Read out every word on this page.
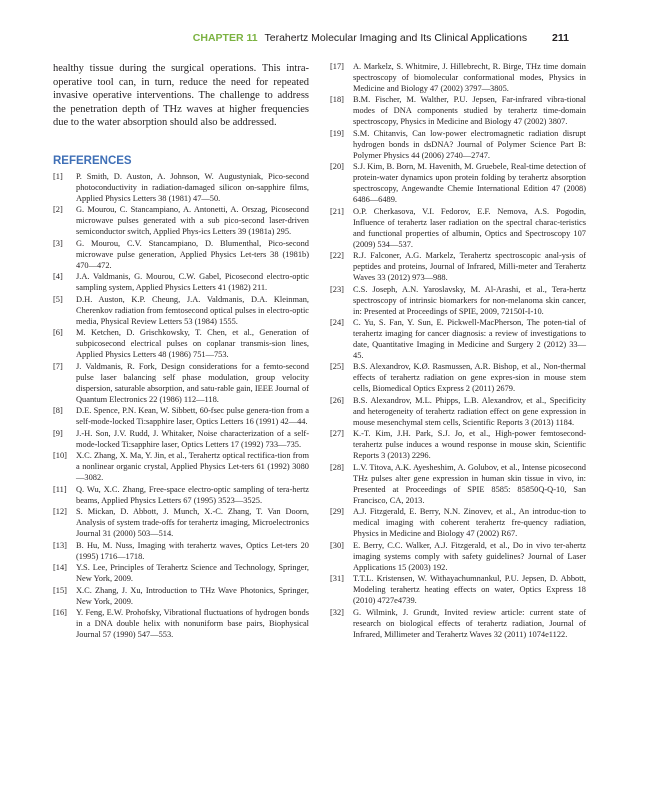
CHAPTER 11 Terahertz Molecular Imaging and Its Clinical Applications 211

healthy tissue during the surgical operations. This intra-operative tool can, in turn, reduce the need for repeated invasive operative interventions. The challenge to address the penetration depth of THz waves at higher frequencies due to the water absorption should also be addressed.

REFERENCES
[1] P. Smith, D. Auston, A. Johnson, W. Augustyniak, Pico-second photoconductivity in radiation-damaged silicon on-sapphire films, Applied Physics Letters 38 (1981) 47—50.
[2] G. Mourou, C. Stancampiano, A. Antonetti, A. Orszag, Picosecond microwave pulses generated with a sub pico-second laser-driven semiconductor switch, Applied Phys-ics Letters 39 (1981a) 295.
[3] G. Mourou, C.V. Stancampiano, D. Blumenthal, Pico-second microwave pulse generation, Applied Physics Let-ters 38 (1981b) 470—472.
[4] J.A. Valdmanis, G. Mourou, C.W. Gabel, Picosecond electro-optic sampling system, Applied Physics Letters 41 (1982) 211.
[5] D.H. Auston, K.P. Cheung, J.A. Valdmanis, D.A. Kleinman, Cherenkov radiation from femtosecond optical pulses in electro-optic media, Physical Review Letters 53 (1984) 1555.
[6] M. Ketchen, D. Grischkowsky, T. Chen, et al., Generation of subpicosecond electrical pulses on coplanar transmis-sion lines, Applied Physics Letters 48 (1986) 751—753.
[7] J. Valdmanis, R. Fork, Design considerations for a femto-second pulse laser balancing self phase modulation, group velocity dispersion, saturable absorption, and satu-rable gain, IEEE Journal of Quantum Electronics 22 (1986) 112—118.
[8] D.E. Spence, P.N. Kean, W. Sibbett, 60-fsec pulse genera-tion from a self-mode-locked Ti:sapphire laser, Optics Letters 16 (1991) 42—44.
[9] J.-H. Son, J.V. Rudd, J. Whitaker, Noise characterization of a self-mode-locked Ti:sapphire laser, Optics Letters 17 (1992) 733—735.
[10] X.C. Zhang, X. Ma, Y. Jin, et al., Terahertz optical rectifica-tion from a nonlinear organic crystal, Applied Physics Let-ters 61 (1992) 3080—3082.
[11] Q. Wu, X.C. Zhang, Free-space electro-optic sampling of tera-hertz beams, Applied Physics Letters 67 (1995) 3523—3525.
[12] S. Mickan, D. Abbott, J. Munch, X.-C. Zhang, T. Van Doorn, Analysis of system trade-offs for terahertz imaging, Microelectronics Journal 31 (2000) 503—514.
[13] B. Hu, M. Nuss, Imaging with terahertz waves, Optics Let-ters 20 (1995) 1716—1718.
[14] Y.S. Lee, Principles of Terahertz Science and Technology, Springer, New York, 2009.
[15] X.C. Zhang, J. Xu, Introduction to THz Wave Photonics, Springer, New York, 2009.
[16] Y. Feng, E.W. Prohofsky, Vibrational fluctuations of hydrogen bonds in a DNA double helix with nonuniform base pairs, Biophysical Journal 57 (1990) 547—553.
[17] A. Markelz, S. Whitmire, J. Hillebrecht, R. Birge, THz time domain spectroscopy of biomolecular conformational modes, Physics in Medicine and Biology 47 (2002) 3797—3805.
[18] B.M. Fischer, M. Walther, P.U. Jepsen, Far-infrared vibra-tional modes of DNA components studied by terahertz time-domain spectroscopy, Physics in Medicine and Biology 47 (2002) 3807.
[19] S.M. Chitanvis, Can low-power electromagnetic radiation disrupt hydrogen bonds in dsDNA? Journal of Polymer Science Part B: Polymer Physics 44 (2006) 2740—2747.
[20] S.J. Kim, B. Born, M. Havenith, M. Gruebele, Real-time detection of protein-water dynamics upon protein folding by terahertz absorption spectroscopy, Angewandte Chemie International Edition 47 (2008) 6486—6489.
[21] O.P. Cherkasova, V.I. Fedorov, E.F. Nemova, A.S. Pogodin, Influence of terahertz laser radiation on the spectral charac-teristics and functional properties of albumin, Optics and Spectroscopy 107 (2009) 534—537.
[22] R.J. Falconer, A.G. Markelz, Terahertz spectroscopic anal-ysis of peptides and proteins, Journal of Infrared, Milli-meter and Terahertz Waves 33 (2012) 973—988.
[23] C.S. Joseph, A.N. Yaroslavsky, M. Al-Arashi, et al., Tera-hertz spectroscopy of intrinsic biomarkers for non-melanoma skin cancer, in: Presented at Proceedings of SPIE, 2009, 72150I-I-10.
[24] C. Yu, S. Fan, Y. Sun, E. Pickwell-MacPherson, The poten-tial of terahertz imaging for cancer diagnosis: a review of investigations to date, Quantitative Imaging in Medicine and Surgery 2 (2012) 33—45.
[25] B.S. Alexandrov, K.Ø. Rasmussen, A.R. Bishop, et al., Non-thermal effects of terahertz radiation on gene expres-sion in mouse stem cells, Biomedical Optics Express 2 (2011) 2679.
[26] B.S. Alexandrov, M.L. Phipps, L.B. Alexandrov, et al., Specificity and heterogeneity of terahertz radiation effect on gene expression in mouse mesenchymal stem cells, Scientific Reports 3 (2013) 1184.
[27] K.-T. Kim, J.H. Park, S.J. Jo, et al., High-power femtosecond-terahertz pulse induces a wound response in mouse skin, Scientific Reports 3 (2013) 2296.
[28] L.V. Titova, A.K. Ayesheshim, A. Golubov, et al., Intense picosecond THz pulses alter gene expression in human skin tissue in vivo, in: Presented at Proceedings of SPIE 8585: 85850Q-Q-10, San Francisco, CA, 2013.
[29] A.J. Fitzgerald, E. Berry, N.N. Zinovev, et al., An introduc-tion to medical imaging with coherent terahertz fre-quency radiation, Physics in Medicine and Biology 47 (2002) R67.
[30] E. Berry, C.C. Walker, A.J. Fitzgerald, et al., Do in vivo ter-ahertz imaging systems comply with safety guidelines? Journal of Laser Applications 15 (2003) 192.
[31] T.T.L. Kristensen, W. Withayachumnankul, P.U. Jepsen, D. Abbott, Modeling terahertz heating effects on water, Optics Express 18 (2010) 4727e4739.
[32] G. Wilmink, J. Grundt, Invited review article: current state of research on biological effects of terahertz radiation, Journal of Infrared, Millimeter and Terahertz Waves 32 (2011) 1074e1122.
